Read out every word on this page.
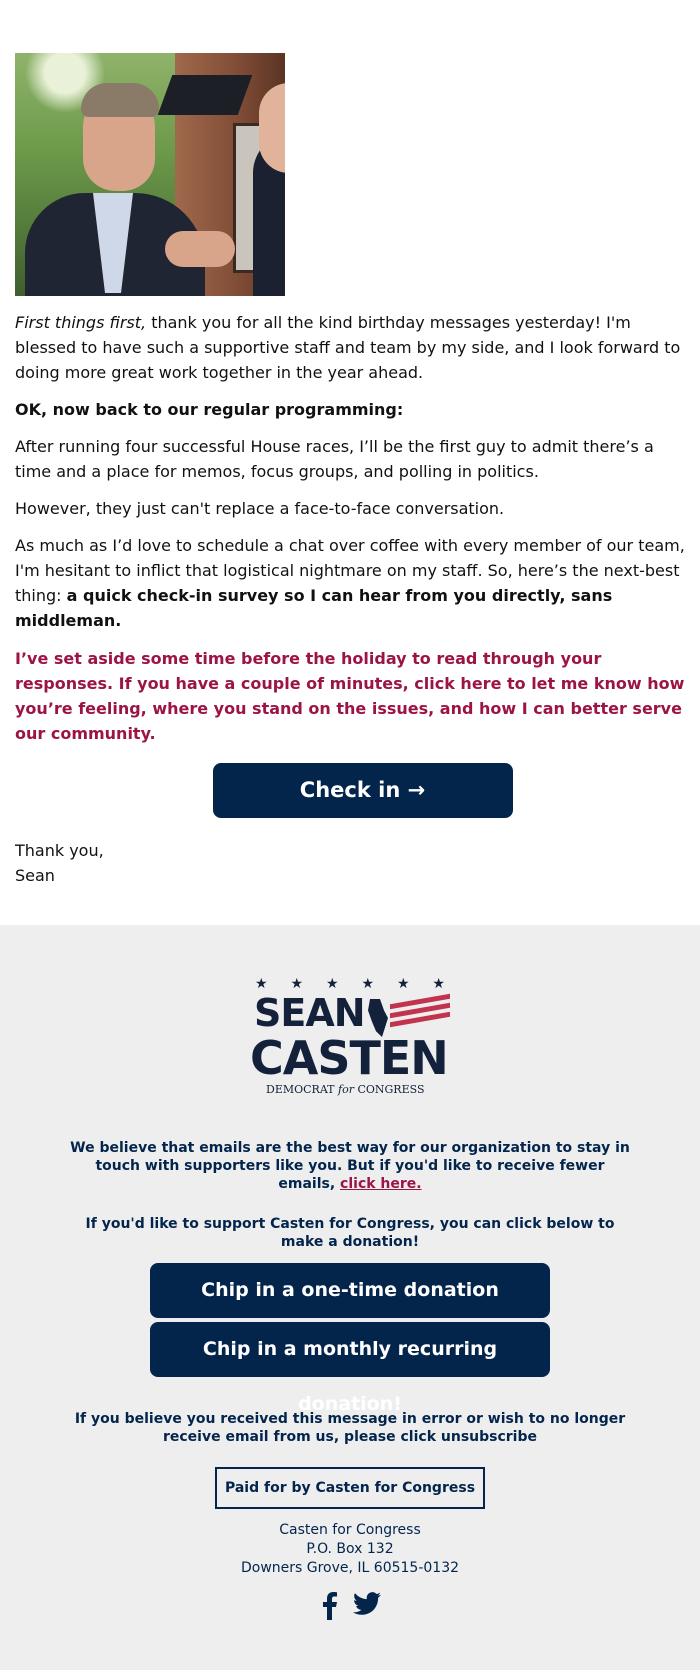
First things first, thank you for all the kind birthday messages yesterday! I'm blessed to have such a supportive staff and team by my side, and I look forward to doing more great work together in the year ahead.

OK, now back to our regular programming:

After running four successful House races, I’ll be the first guy to admit there’s a time and a place for memos, focus groups, and polling in politics.

However, they just can't replace a face-to-face conversation.

As much as I’d love to schedule a chat over coffee with every member of our team, I'm hesitant to inflict that logistical nightmare on my staff. So, here’s the next-best thing: a quick check-in survey so I can hear from you directly, sans middleman.

I’ve set aside some time before the holiday to read through your responses. If you have a couple of minutes, click here to let me know how you’re feeling, where you stand on the issues, and how I can better serve our community.

Check in →

Thank you,
Sean

★ ★ ★ ★ ★ ★
SEAN
CASTEN
DEMOCRAT for CONGRESS
We believe that emails are the best way for our organization to stay in touch with supporters like you. But if you'd like to receive fewer emails, click here.
If you'd like to support Casten for Congress, you can click below to make a donation!
Chip in a one-time donation
Chip in a monthly recurring donation!
If you believe you received this message in error or wish to no longer receive email from us, please click unsubscribe
Paid for by Casten for Congress
Casten for Congress
P.O. Box 132
Downers Grove, IL 60515-0132
